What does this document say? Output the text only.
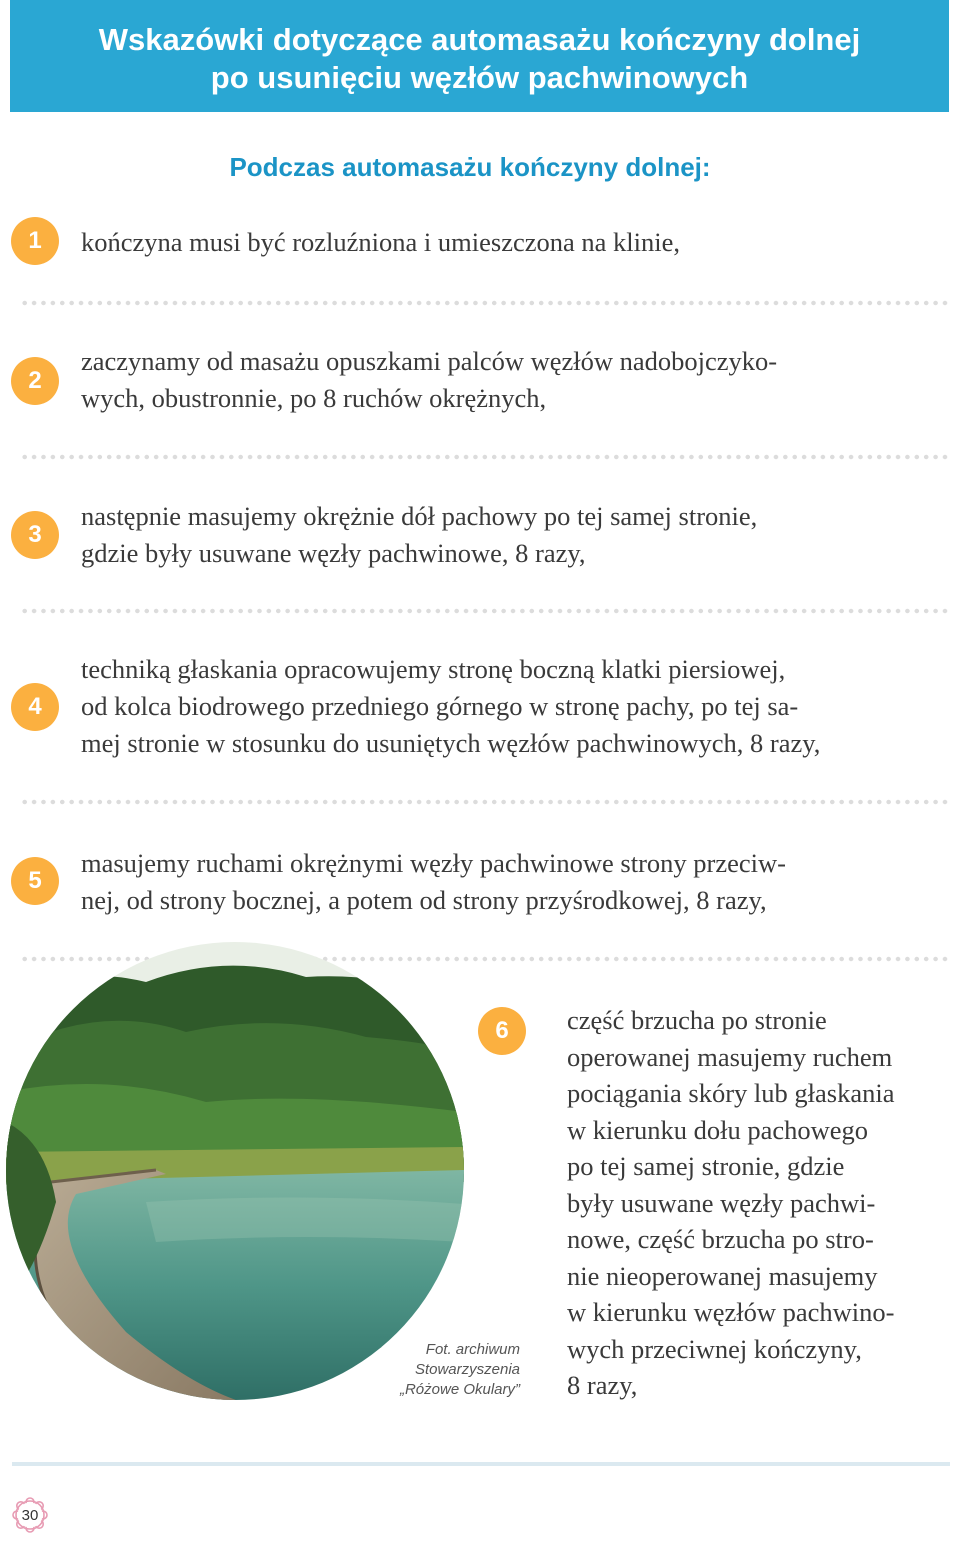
Wskazówki dotyczące automasażu kończyny dolnej
po usunięciu węzłów pachwinowych
Podczas automasażu kończyny dolnej:
1	kończyna musi być rozluźniona i umieszczona na klinie,
2
zaczynamy od masażu opuszkami palców węzłów nadobojczyko-
wych, obustronnie, po 8 ruchów okrężnych,
3
następnie masujemy okrężnie dół pachowy po tej samej stronie,
gdzie były usuwane węzły pachwinowe, 8 razy,
4
techniką głaskania opracowujemy stronę boczną klatki piersiowej,
od kolca biodrowego przedniego górnego w stronę pachy, po tej sa-
mej stronie w stosunku do usuniętych węzłów pachwinowych, 8 razy,
5
masujemy ruchami okrężnymi węzły pachwinowe strony przeciw-
nej, od strony bocznej, a potem od strony przyśrodkowej, 8 razy,
Fot. archiwum
Stowarzyszenia
„Różowe Okulary”
6	część brzucha po stronie
operowanej masujemy ruchem
pociągania skóry lub głaskania
w kierunku dołu pachowego
po tej samej stronie, gdzie
były usuwane węzły pachwi-
nowe, część brzucha po stro-
nie nieoperowanej masujemy
w kierunku węzłów pachwino-
wych przeciwnej kończyny,
8 razy,
30
